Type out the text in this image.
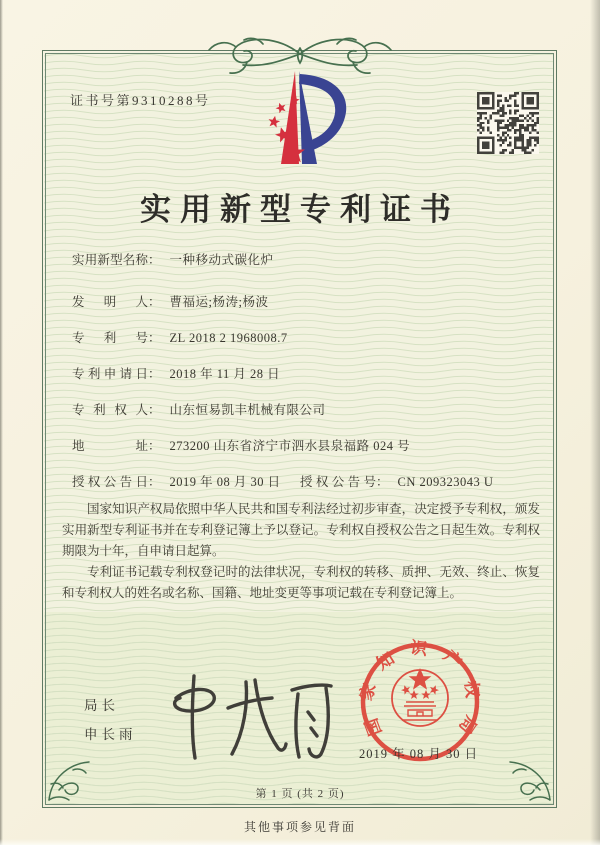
证书号第9310288号
实用新型专利证书
实用新型名称： 一种移动式碳化炉
发明人： 曹福运;杨涛;杨波
专利号： ZL 2018 2 1968008.7
专利申请日： 2018 年 11 月 28 日
专利权人： 山东恒易凯丰机械有限公司
地址： 273200 山东省济宁市泗水县泉福路 024 号
授权公告日： 2019 年 08 月 30 日 授权公告号： CN 209323043 U

国家知识产权局依照中华人民共和国专利法经过初步审查，决定授予专利权，颁发实用新型专利证书并在专利登记簿上予以登记。专利权自授权公告之日起生效。专利权期限为十年，自申请日起算。

专利证书记载专利权登记时的法律状况，专利权的转移、质押、无效、终止、恢复和专利权人的姓名或名称、国籍、地址变更等事项记载在专利登记簿上。

局长
申长雨	国家知识产权局
2019 年 08 月 30 日
第 1 页 (共 2 页)
其他事项参见背面
